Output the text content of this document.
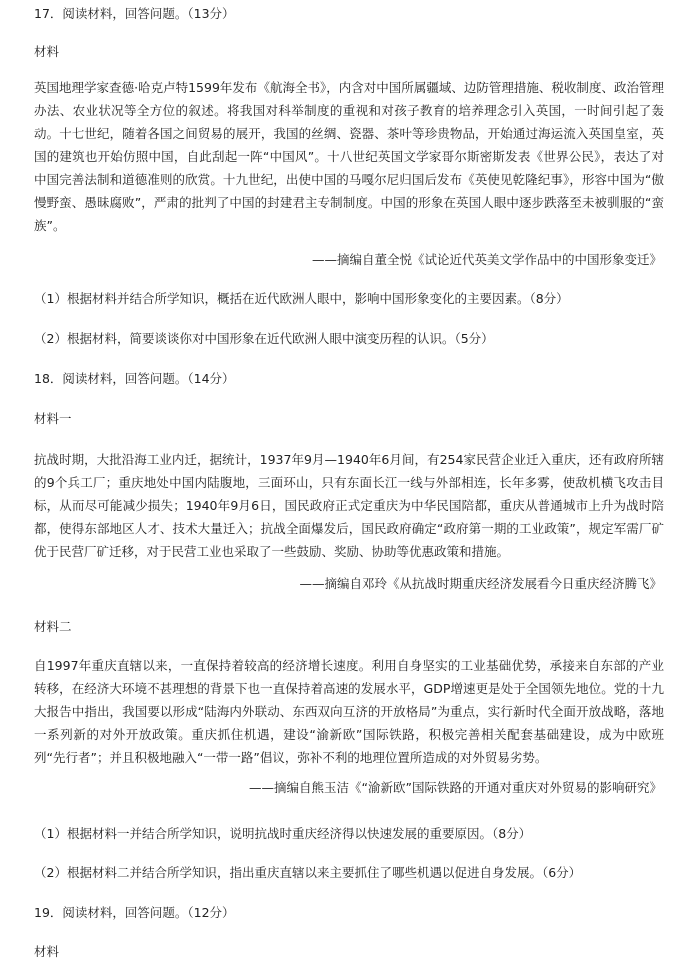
17．阅读材料，回答问题。（13分）
材料
英国地理学家查德·哈克卢特1599年发布《航海全书》，内含对中国所属疆域、边防管理措施、税收制度、政治管理办法、农业状况等全方位的叙述。将我国对科举制度的重视和对孩子教育的培养理念引入英国，一时间引起了轰动。十七世纪，随着各国之间贸易的展开，我国的丝绸、瓷器、茶叶等珍贵物品，开始通过海运流入英国皇室，英国的建筑也开始仿照中国，自此刮起一阵“中国风”。十八世纪英国文学家哥尔斯密斯发表《世界公民》，表达了对中国完善法制和道德准则的欣赏。十九世纪，出使中国的马嘎尔尼归国后发布《英使见乾隆纪事》，形容中国为“傲慢野蛮、愚昧腐败”，严肃的批判了中国的封建君主专制制度。中国的形象在英国人眼中逐步跌落至未被驯服的“蛮族”。
——摘编自董全悦《试论近代英美文学作品中的中国形象变迁》
（1）根据材料并结合所学知识，概括在近代欧洲人眼中，影响中国形象变化的主要因素。（8分）
（2）根据材料，简要谈谈你对中国形象在近代欧洲人眼中演变历程的认识。（5分）
18．阅读材料，回答问题。（14分）
材料一
抗战时期，大批沿海工业内迁，据统计，1937年9月—1940年6月间，有254家民营企业迁入重庆，还有政府所辖的9个兵工厂；重庆地处中国内陆腹地，三面环山，只有东面长江一线与外部相连，长年多雾，使敌机横飞攻击目标，从而尽可能减少损失；1940年9月6日，国民政府正式定重庆为中华民国陪都，重庆从普通城市上升为战时陪都，使得东部地区人才、技术大量迁入；抗战全面爆发后，国民政府确定“政府第一期的工业政策”，规定军需厂矿优于民营厂矿迁移，对于民营工业也采取了一些鼓励、奖励、协助等优惠政策和措施。
——摘编自邓玲《从抗战时期重庆经济发展看今日重庆经济腾飞》
材料二
自1997年重庆直辖以来，一直保持着较高的经济增长速度。利用自身坚实的工业基础优势，承接来自东部的产业转移，在经济大环境不甚理想的背景下也一直保持着高速的发展水平，GDP增速更是处于全国领先地位。党的十九大报告中指出，我国要以形成“陆海内外联动、东西双向互济的开放格局”为重点，实行新时代全面开放战略，落地一系列新的对外开放政策。重庆抓住机遇，建设“渝新欧”国际铁路，积极完善相关配套基础建设，成为中欧班列“先行者”；并且积极地融入“一带一路”倡议，弥补不利的地理位置所造成的对外贸易劣势。
——摘编自熊玉洁《“渝新欧”国际铁路的开通对重庆对外贸易的影响研究》
（1）根据材料一并结合所学知识，说明抗战时重庆经济得以快速发展的重要原因。（8分）
（2）根据材料二并结合所学知识，指出重庆直辖以来主要抓住了哪些机遇以促进自身发展。（6分）
19．阅读材料，回答问题。（12分）
材料
